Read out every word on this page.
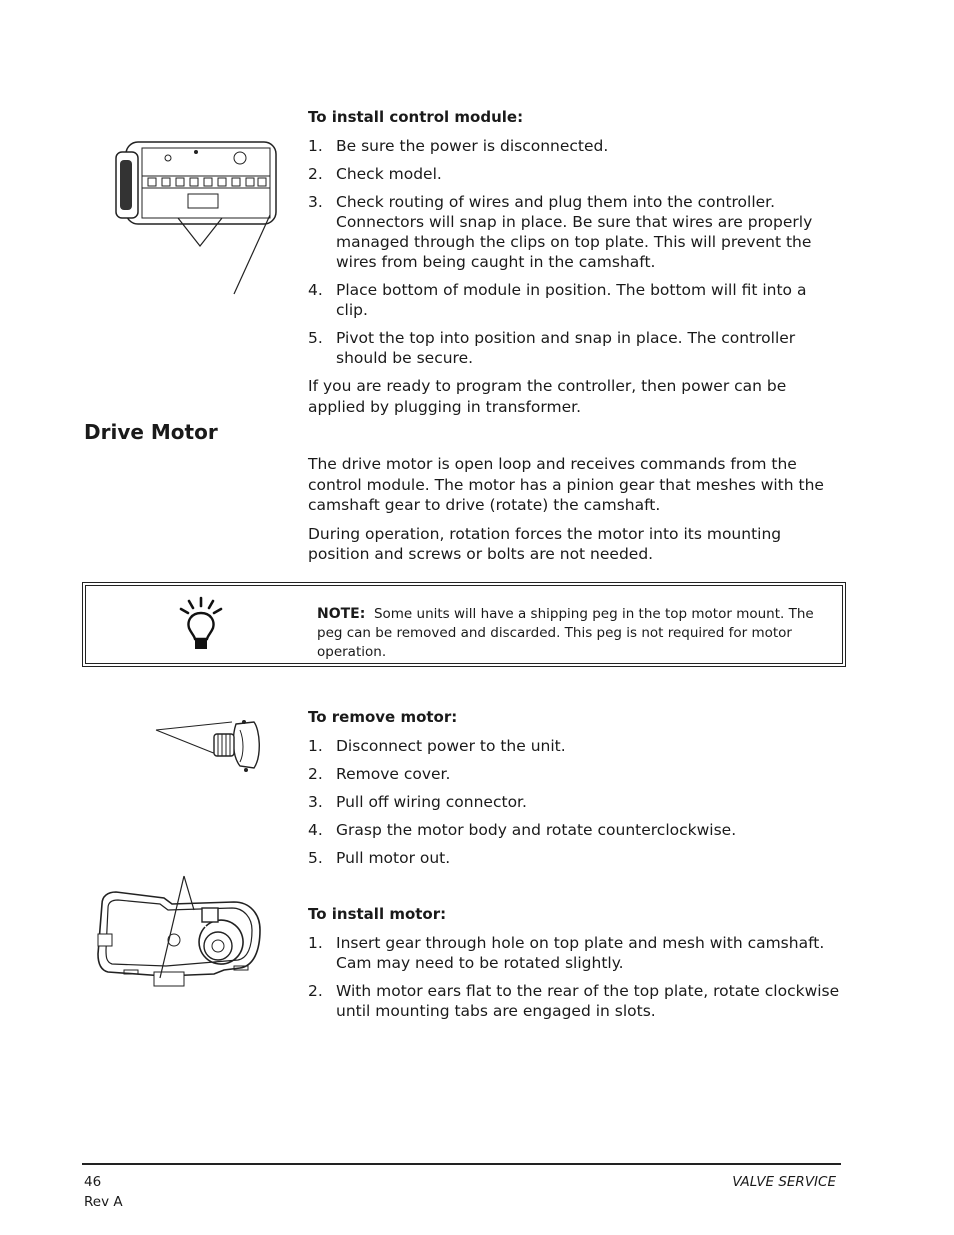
To install control module:
1. Be sure the power is disconnected.
2. Check model.
3. Check routing of wires and plug them into the controller. Connectors will snap in place. Be sure that wires are properly managed through the clips on top plate. This will prevent the wires from being caught in the camshaft.
4. Place bottom of module in position. The bottom will fit into a clip.
5. Pivot the top into position and snap in place. The controller should be secure.

If you are ready to program the controller, then power can be applied by plugging in transformer.

Drive Motor

The drive motor is open loop and receives commands from the control module. The motor has a pinion gear that meshes with the camshaft gear to drive (rotate) the camshaft.

During operation, rotation forces the motor into its mounting position and screws or bolts are not needed.

NOTE: Some units will have a shipping peg in the top motor mount. The peg can be removed and discarded. This peg is not required for motor operation.
To remove motor:
1. Disconnect power to the unit.
2. Remove cover.
3. Pull off wiring connector.
4. Grasp the motor body and rotate counterclockwise.
5. Pull motor out.
To install motor:
1. Insert gear through hole on top plate and mesh with camshaft. Cam may need to be rotated slightly.
2. With motor ears flat to the rear of the top plate, rotate clockwise until mounting tabs are engaged in slots.
46
Rev A
VALVE SERVICE
